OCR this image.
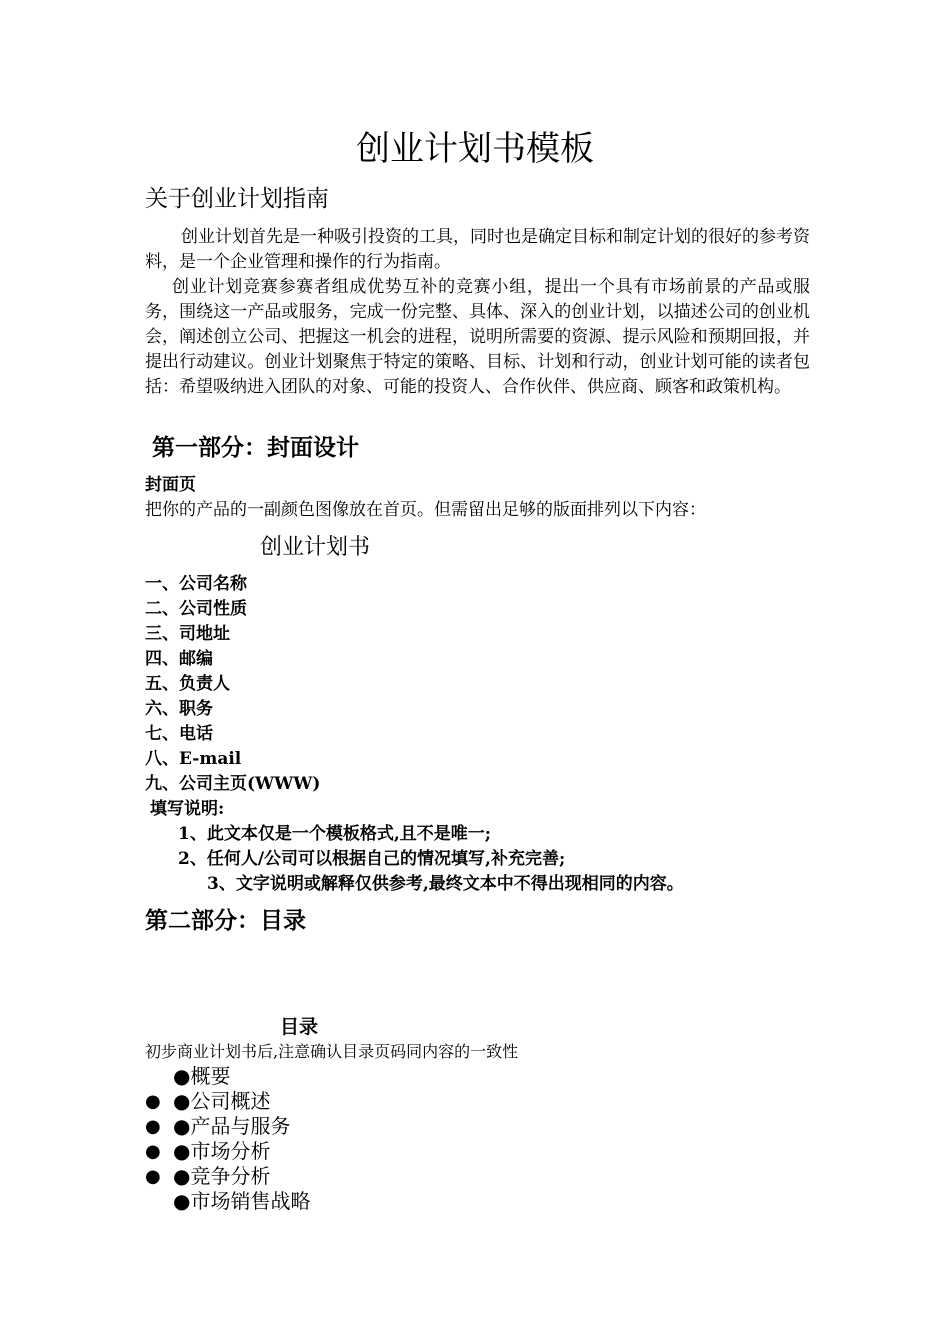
创业计划书模板
关于创业计划指南
创业计划首先是一种吸引投资的工具，同时也是确定目标和制定计划的很好的参考资料，是一个企业管理和操作的行为指南。
创业计划竞赛参赛者组成优势互补的竞赛小组，提出一个具有市场前景的产品或服务，围绕这一产品或服务，完成一份完整、具体、深入的创业计划，以描述公司的创业机会，阐述创立公司、把握这一机会的进程，说明所需要的资源、提示风险和预期回报，并提出行动建议。创业计划聚焦于特定的策略、目标、计划和行动，创业计划可能的读者包括：希望吸纳进入团队的对象、可能的投资人、合作伙伴、供应商、顾客和政策机构。
第一部分：封面设计
封面页
把你的产品的一副颜色图像放在首页。但需留出足够的版面排列以下内容：
创业计划书
一、公司名称
二、公司性质
三、司地址
四、邮编
五、负责人
六、职务
七、电话
八、E-mail
九、公司主页(WWW)
填写说明:
1、此文本仅是一个模板格式,且不是唯一;
2、任何人/公司可以根据自己的情况填写,补充完善;
3、文字说明或解释仅供参考,最终文本中不得出现相同的内容。
第二部分：目录
目录
初步商业计划书后,注意确认目录页码同内容的一致性
●概要
● ●公司概述
● ●产品与服务
● ●市场分析
● ●竞争分析
●市场销售战略
